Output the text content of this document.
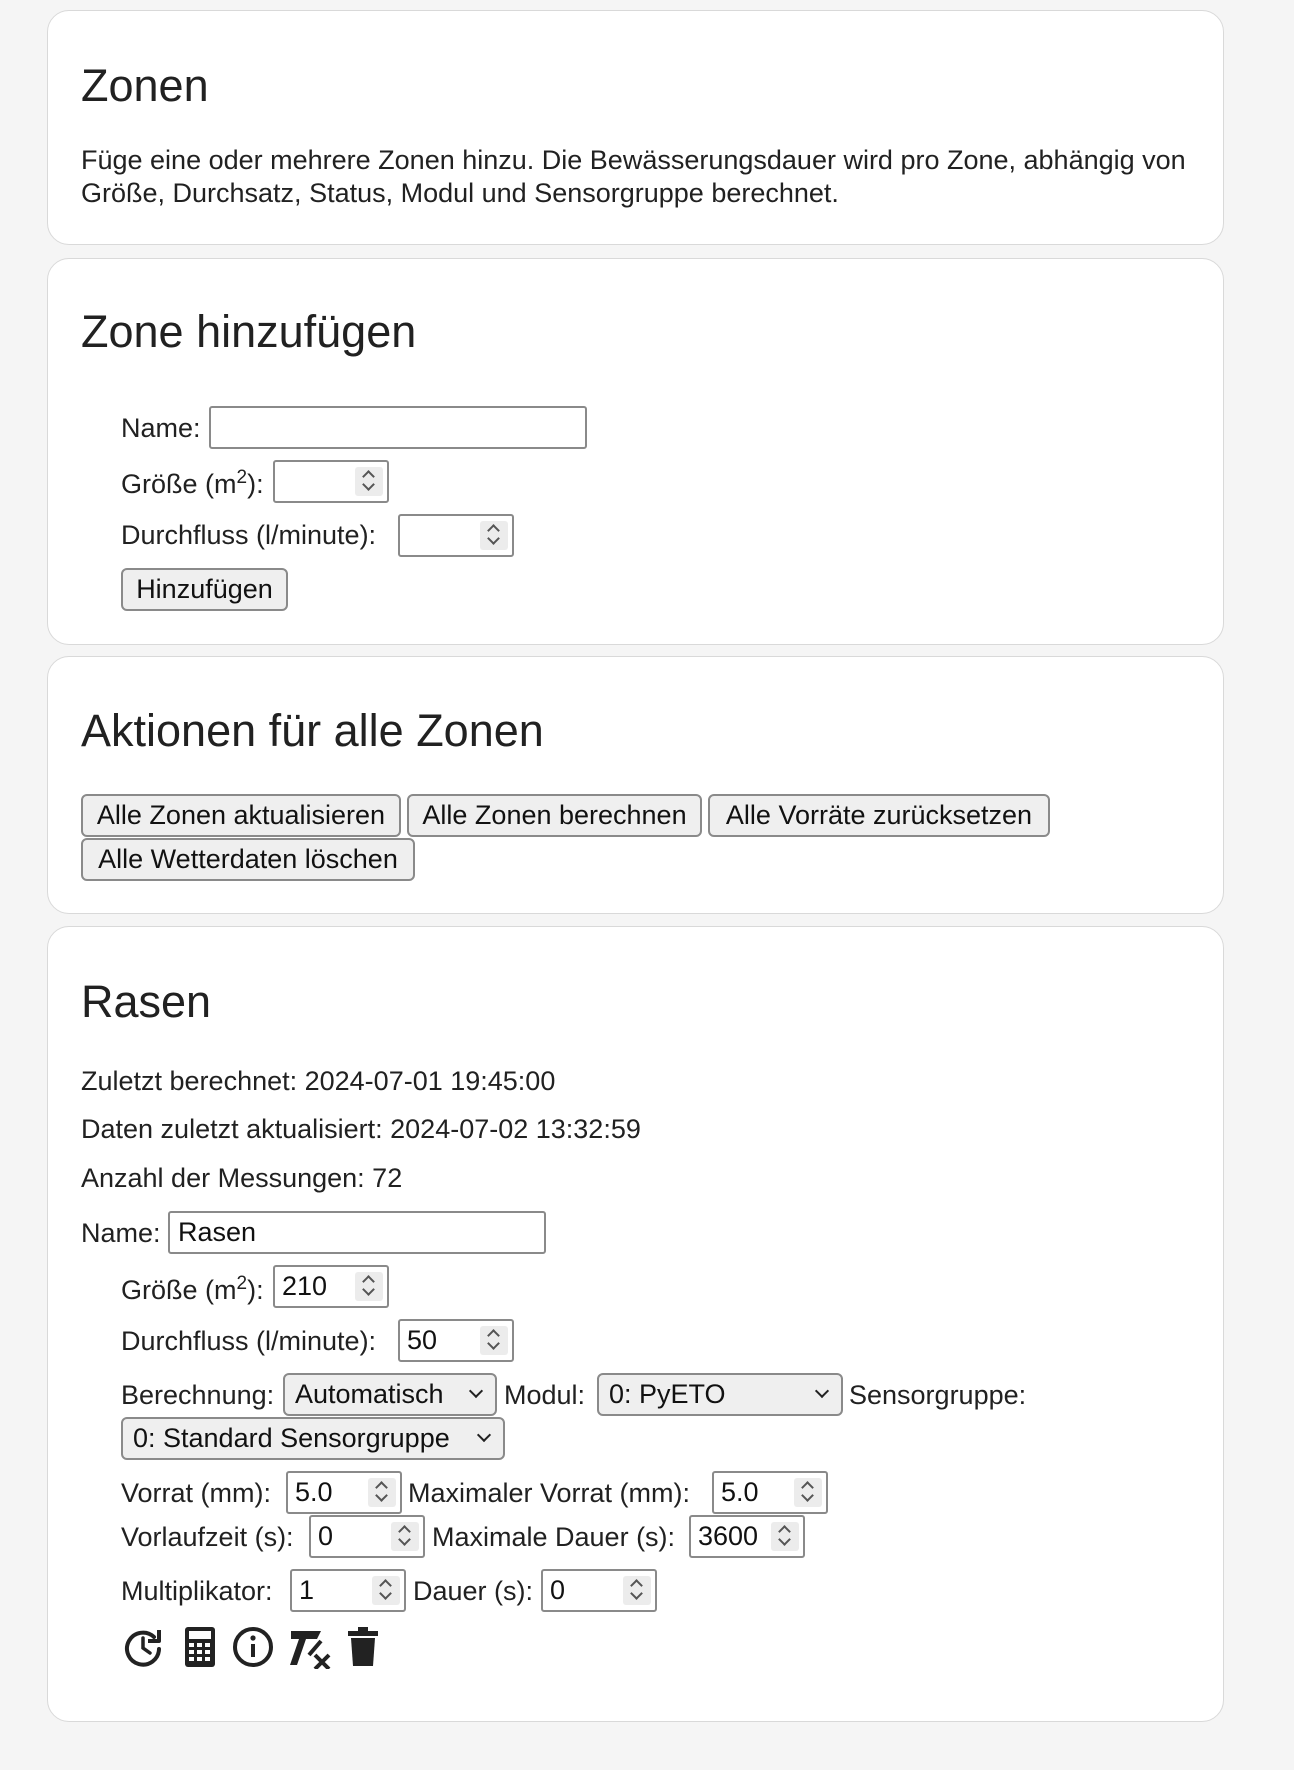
Zonen
Füge eine oder mehrere Zonen hinzu. Die Bewässerungsdauer wird pro Zone, abhängig von Größe, Durchsatz, Status, Modul und Sensorgruppe berechnet.
Zone hinzufügen
Name:
Größe $(m^2)$:
Durchfluss (l/minute):
Hinzufügen
Aktionen für alle Zonen
Alle Zonen aktualisieren	Alle Zonen berechnen	Alle Vorräte zurücksetzen
Alle Wetterdaten löschen
Rasen
Zuletzt berechnet: 2024-07-01 19:45:00
Daten zuletzt aktualisiert: 2024-07-02 13:32:59
Anzahl der Messungen: 72
Name: Rasen
Größe $(m^2)$: 210
Durchfluss (l/minute):	50
Berechnung: Automatisch	Modul: 0: PyETO	Sensorgruppe:
0: Standard Sensorgruppe
Vorrat (mm): 5.0	Maximaler Vorrat (mm):	5.0
Vorlaufzeit (s): 0	Maximale Dauer (s): 3600
Multiplikator: 1	Dauer (s): 0
